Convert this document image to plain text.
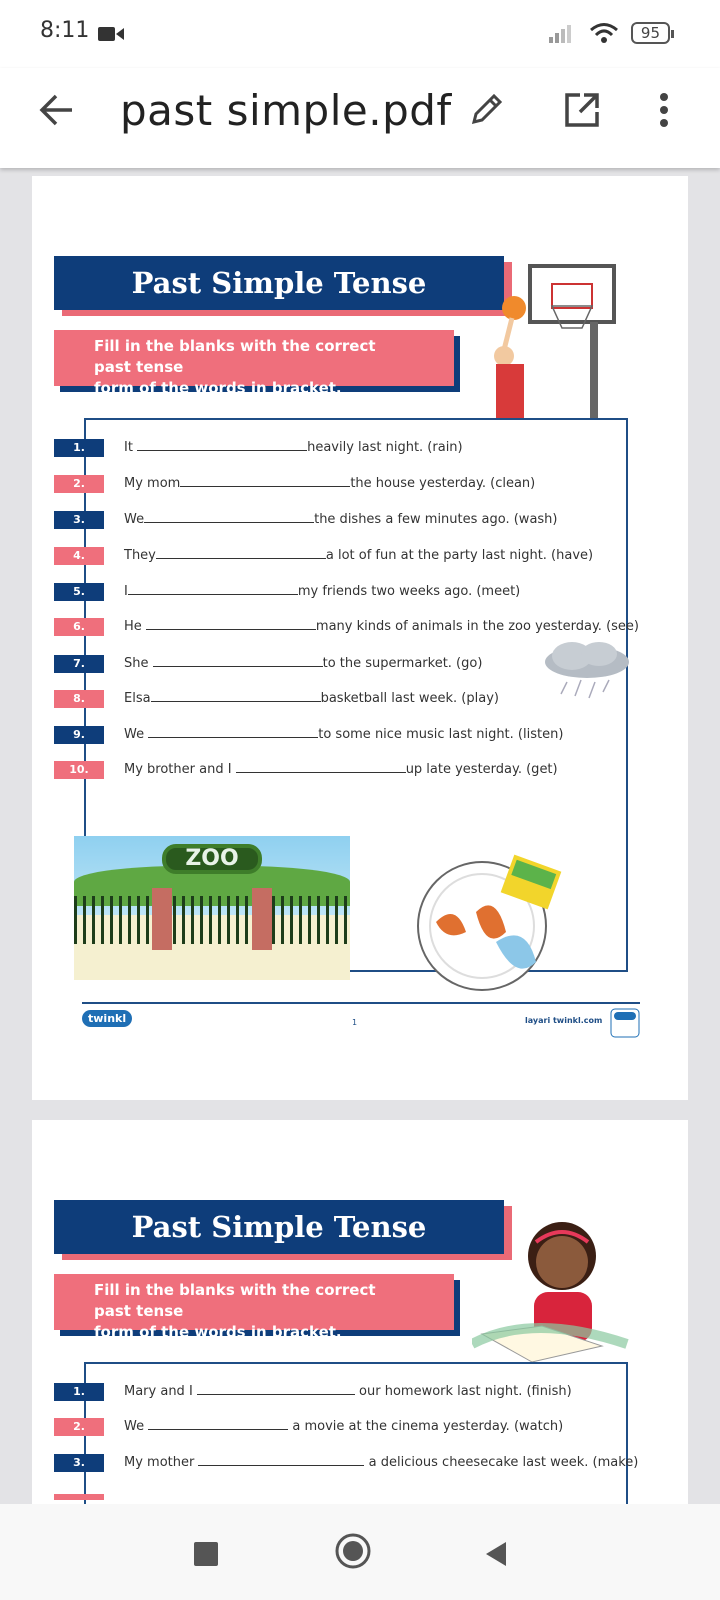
8:11	95
past simple.pdf
Past Simple Tense
Fill in the blanks with the correct past tense
form of the words in bracket.
1.	It	heavily last night. (rain)
2.	My mom	the house yesterday. (clean)
3.	We	the dishes a few minutes ago. (wash)
4.	They	a lot of fun at the party last night. (have)
5.	I	my friends two weeks ago. (meet)
6.	He	many kinds of animals in the zoo yesterday. (see)
7.	She	to the supermarket. (go)
8.	Elsa	basketball last week. (play)
9.	We	to some nice music last night. (listen)
10.	My brother and I	up late yesterday. (get)
ZOO
twinkl	1	layari twinkl.com
Past Simple Tense
Fill in the blanks with the correct past tense
form of the words in bracket.
1.	Mary and I	our homework last night. (finish)
2.	We	a movie at the cinema yesterday. (watch)
3.	My mother	a delicious cheesecake last week. (make)
